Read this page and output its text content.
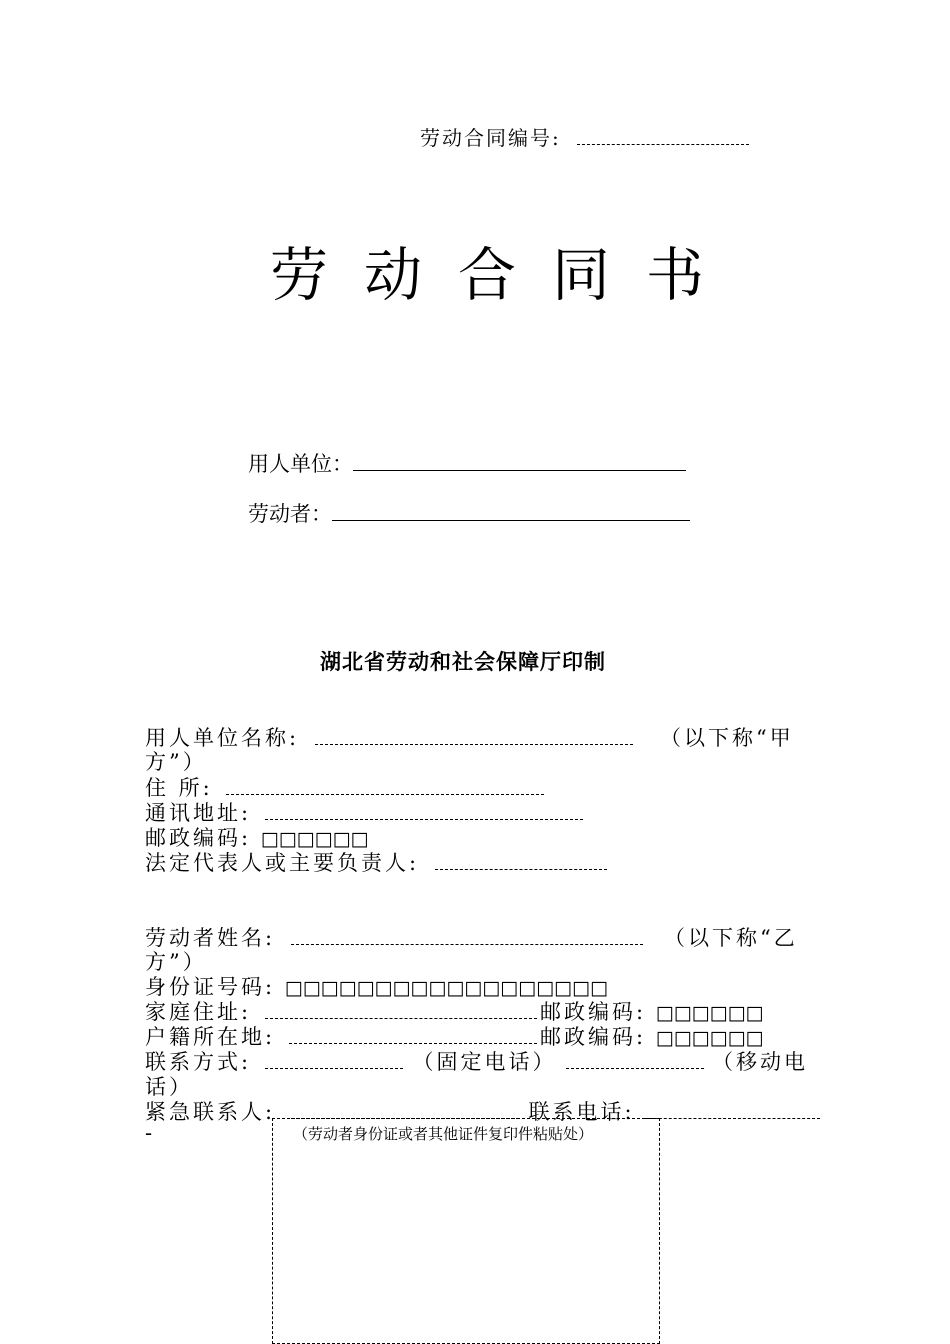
劳动合同编号:
劳动合同书
用人单位：
劳动者：
湖北省劳动和社会保障厅印制
用人单位名称:	（以下称“甲
方”）
住 所:
通讯地址:
邮政编码: □□□□□□
法定代表人或主要负责人:
劳动者姓名:	（以下称“乙
方”）
身份证号码: □□□□□□□□□□□□□□□□□□
家庭住址:	邮政编码: □□□□□□
户籍所在地:	邮政编码: □□□□□□
联系方式:	（固定电话）	（移动电
话）
紧急联系人:	联系电话:
-	（劳动者身份证或者其他证件复印件粘贴处）
